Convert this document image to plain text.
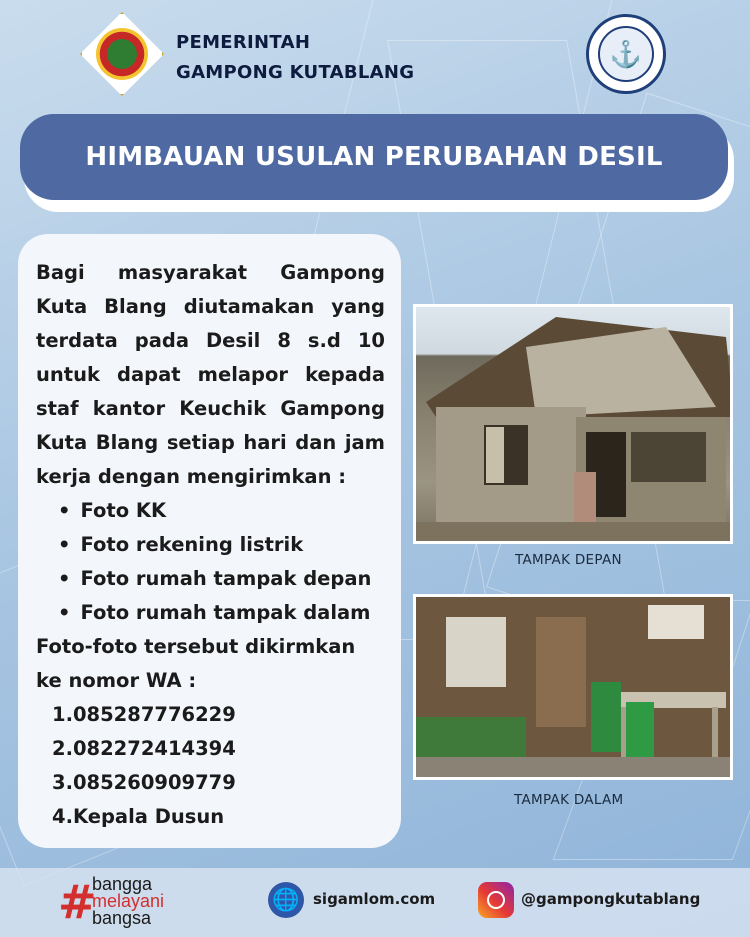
PEMERINTAH
GAMPONG KUTABLANG
⚓
HIMBAUAN USULAN PERUBAHAN DESIL

Bagi masyarakat Gampong Kuta Blang diutamakan yang terdata pada Desil 8 s.d 10 untuk dapat melapor kepada staf kantor Keuchik Gampong Kuta Blang setiap hari dan jam kerja dengan mengirimkan :

• Foto KK
• Foto rekening listrik
• Foto rumah tampak depan
• Foto rumah tampak dalam

Foto-foto tersebut dikirmkan ke nomor WA :

1.085287776229
2.082272414394
3.085260909779
4.Kepala Dusun
TAMPAK DEPAN
TAMPAK DALAM
#
bangga
melayani
bangsa
🌐 sigamlom.com	@gampongkutablang
